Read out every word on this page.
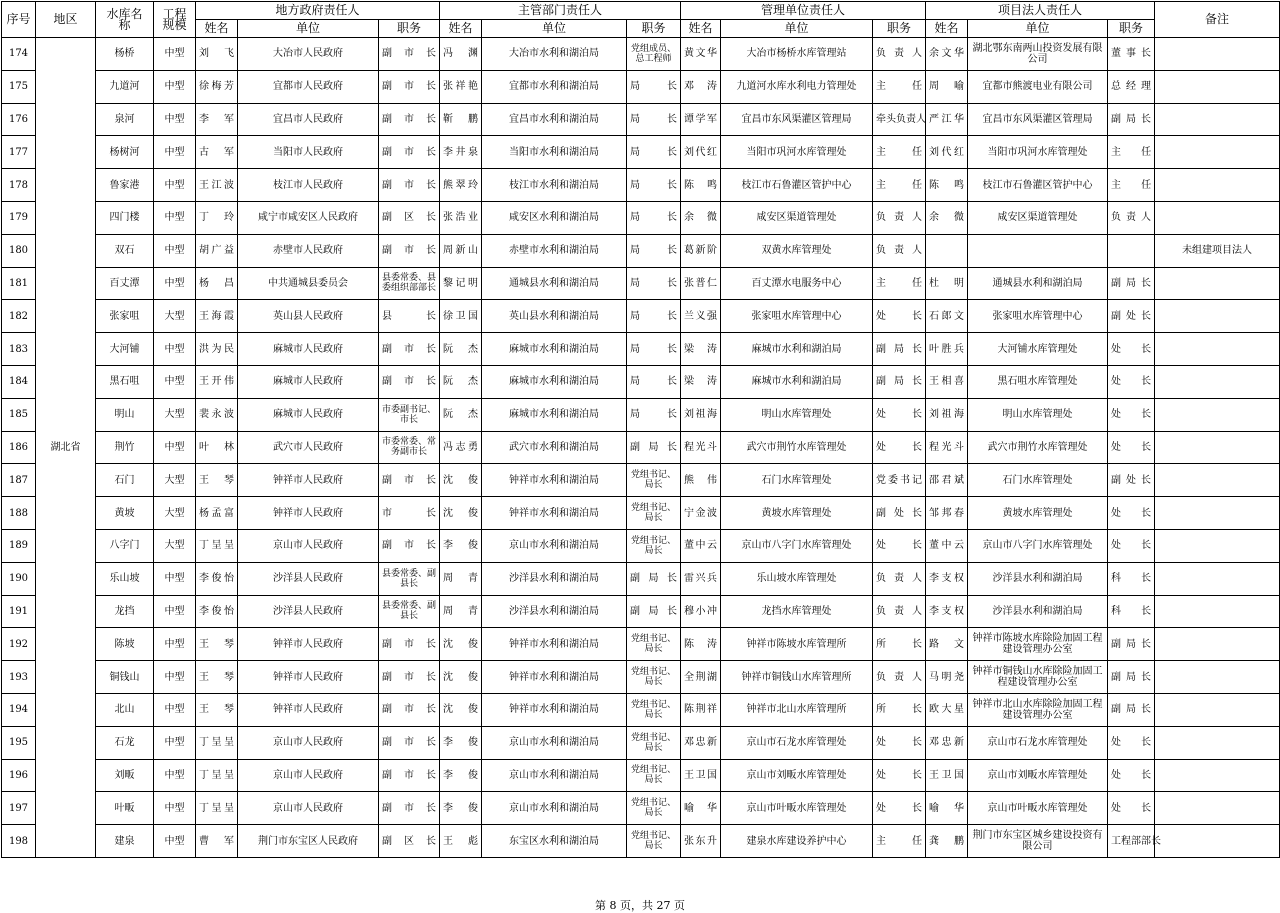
序号	地区	水库名称	工程规模	地方政府责任人			主管部门责任人			管理单位责任人			项目法人责任人			备注
				姓名	单位	职务	姓名	单位	职务	姓名	单位	职务	姓名	单位	职务	
174	湖北省	杨桥	中型	刘 飞	大冶市人民政府	副 市 长	冯 渊	大冶市水利和湖泊局	党组成员、总工程师	黄 文 华	大冶市杨桥水库管理站	负 责 人	余 文 华	湖北鄂东南两山投资发展有限公司	董 事 长	

175		九道河	中型	徐 梅 芳	宜都市人民政府	副 市 长	张 祥 艳	宜都市水利和湖泊局	局 长	邓 涛	九道河水库水利电力管理处	主 任	周 喻	宜都市熊渡电业有限公司	总 经 理	

176		泉河	中型	李 军	宜昌市人民政府	副 市 长	靳 鹏	宜昌市水利和湖泊局	局 长	谭 学 军	宜昌市东风渠灌区管理局	牵 头 负 责 人	严 江 华	宜昌市东风渠灌区管理局	副 局 长	

177		杨树河	中型	古 军	当阳市人民政府	副 市 长	李 井 泉	当阳市水利和湖泊局	局 长	刘 代 红	当阳市巩河水库管理处	主 任	刘 代 红	当阳市巩河水库管理处	主 任	

178		鲁家港	中型	王 江 波	枝江市人民政府	副 市 长	熊 翠 玲	枝江市水利和湖泊局	局 长	陈 鸣	枝江市石鲁灌区管护中心	主 任	陈 鸣	枝江市石鲁灌区管护中心	主 任	

179		四门楼	中型	丁 玲	咸宁市咸安区人民政府	副 区 长	张 浩 业	咸安区水利和湖泊局	局 长	余 微	咸安区渠道管理处	负 责 人	余 微	咸安区渠道管理处	负 责 人	

180		双石	中型	胡 广 益	赤壁市人民政府	副 市 长	周 新 山	赤壁市水利和湖泊局	局 长	葛 新 阶	双黄水库管理处	负 责 人				未组建项目法人
181		百丈潭	中型	杨 昌	中共通城县委员会	县委常委、县委组织部部长	黎 记 明	通城县水利和湖泊局	局 长	张 普 仁	百丈潭水电服务中心	主 任	杜 明	通城县水利和湖泊局	副 局 长	

182		张家咀	大型	王 海 霞	英山县人民政府	县 长	徐 卫 国	英山县水利和湖泊局	局 长	兰 义 强	张家咀水库管理中心	处 长	石 郎 文	张家咀水库管理中心	副 处 长	

183		大河铺	中型	洪 为 民	麻城市人民政府	副 市 长	阮 杰	麻城市水利和湖泊局	局 长	梁 涛	麻城市水利和湖泊局	副 局 长	叶 胜 兵	大河铺水库管理处	处 长	

184		黑石咀	中型	王 开 伟	麻城市人民政府	副 市 长	阮 杰	麻城市水利和湖泊局	局 长	梁 涛	麻城市水利和湖泊局	副 局 长	王 相 喜	黑石咀水库管理处	处 长	

185		明山	大型	裴 永 波	麻城市人民政府	市委副书记、市长	阮 杰	麻城市水利和湖泊局	局 长	刘 祖 海	明山水库管理处	处 长	刘 祖 海	明山水库管理处	处 长	

186		荆竹	中型	叶 林	武穴市人民政府	市委常委、常务副市长	冯 志 勇	武穴市水利和湖泊局	副 局 长	程 光 斗	武穴市荆竹水库管理处	处 长	程 光 斗	武穴市荆竹水库管理处	处 长	

187		石门	大型	王 琴	钟祥市人民政府	副 市 长	沈 俊	钟祥市水利和湖泊局	党组书记、局长	熊 伟	石门水库管理处	党 委 书 记	邵 君 斌	石门水库管理处	副 处 长	

188		黄坡	大型	杨 孟 富	钟祥市人民政府	市 长	沈 俊	钟祥市水利和湖泊局	党组书记、局长	宁 金 波	黄坡水库管理处	副 处 长	邹 邦 春	黄坡水库管理处	处 长	

189		八字门	大型	丁 呈 呈	京山市人民政府	副 市 长	李 俊	京山市水利和湖泊局	党组书记、局长	董 中 云	京山市八字门水库管理处	处 长	董 中 云	京山市八字门水库管理处	处 长	

190		乐山坡	中型	李 俊 怡	沙洋县人民政府	县委常委、副县长	周 青	沙洋县水利和湖泊局	副 局 长	雷 兴 兵	乐山坡水库管理处	负 责 人	李 支 权	沙洋县水利和湖泊局	科 长	

191		龙挡	中型	李 俊 怡	沙洋县人民政府	县委常委、副县长	周 青	沙洋县水利和湖泊局	副 局 长	穆 小 冲	龙挡水库管理处	负 责 人	李 支 权	沙洋县水利和湖泊局	科 长	

192		陈坡	中型	王 琴	钟祥市人民政府	副 市 长	沈 俊	钟祥市水利和湖泊局	党组书记、局长	陈 涛	钟祥市陈坡水库管理所	所 长	路 文	钟祥市陈坡水库除险加固工程建设管理办公室	副 局 长	

193		铜钱山	中型	王 琴	钟祥市人民政府	副 市 长	沈 俊	钟祥市水利和湖泊局	党组书记、局长	全 荆 湖	钟祥市铜钱山水库管理所	负 责 人	马 明 尧	钟祥市铜钱山水库除险加固工程建设管理办公室	副 局 长	

194		北山	中型	王 琴	钟祥市人民政府	副 市 长	沈 俊	钟祥市水利和湖泊局	党组书记、局长	陈 荆 祥	钟祥市北山水库管理所	所 长	欧 大 星	钟祥市北山水库除险加固工程建设管理办公室	副 局 长	

195		石龙	中型	丁 呈 呈	京山市人民政府	副 市 长	李 俊	京山市水利和湖泊局	党组书记、局长	邓 忠 新	京山市石龙水库管理处	处 长	邓 忠 新	京山市石龙水库管理处	处 长	

196		刘畈	中型	丁 呈 呈	京山市人民政府	副 市 长	李 俊	京山市水利和湖泊局	党组书记、局长	王 卫 国	京山市刘畈水库管理处	处 长	王 卫 国	京山市刘畈水库管理处	处 长	

197		叶畈	中型	丁 呈 呈	京山市人民政府	副 市 长	李 俊	京山市水利和湖泊局	党组书记、局长	喻 华	京山市叶畈水库管理处	处 长	喻 华	京山市叶畈水库管理处	处 长	

198		建泉	中型	曹 军	荆门市东宝区人民政府	副 区 长	王 彪	东宝区水利和湖泊局	党组书记、局长	张 东 升	建泉水库建设养护中心	主 任	龚 鹏	荆门市东宝区城乡建设投资有限公司	工 程 部 部 长	

第 8 页，共 27 页
